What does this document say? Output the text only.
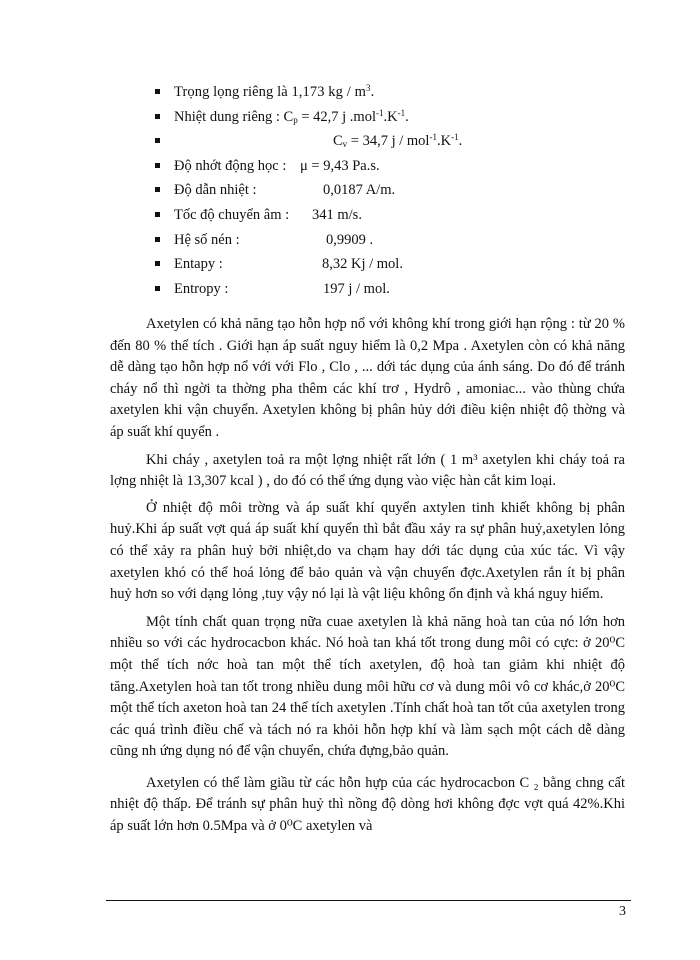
Trọng lọng riêng là 1,173 kg / $m^3$.
Nhiệt dung riêng : $C_p = 42,7$ j $.mol^{-1}.K^{-1}$.
$C_v = 34,7$ j / $mol^{-1}.K^{-1}$.
Độ nhớt động học : μ = 9,43 Pa.s.
Độ dẫn nhiệt :	0,0187 A/m.
Tốc độ chuyển âm : 341 m/s.
Hệ số nén :	0,9909 .
Entapy :	8,32 Kj / mol.
Entropy :	197 j / mol.

Axetylen có khả năng tạo hỗn hợp nổ với không khí trong giới hạn rộng : từ 20 % đến 80 % thể tích . Giới hạn áp suất nguy hiểm là 0,2 Mpa . Axetylen còn có khả năng dễ dàng tạo hỗn hợp nổ với với Flo , Clo , ... dới tác dụng của ánh sáng. Do đó để tránh cháy nổ thì ngời ta thờng pha thêm các khí trơ , Hydrô , amoniac... vào thùng chứa axetylen khi vận chuyển. Axetylen không bị phân hủy dới điều kiện nhiệt độ thờng và áp suất khí quyển .

Khi cháy , axetylen toả ra một lợng nhiệt rất lớn ( 1 m³ axetylen khi cháy toả ra lợng nhiệt là 13,307 kcal ) , do đó có thể ứng dụng vào việc hàn cắt kim loại.

Ở nhiệt độ môi trờng và áp suất khí quyển axtylen tinh khiết không bị phân huỷ.Khi áp suất vợt quá áp suất khí quyển thì bắt đầu xảy ra sự phân huỷ,axetylen lỏng có thể xảy ra phân huỷ bởi nhiệt,do va chạm hay dới tác dụng của xúc tác. Vì vậy axetylen khó có thể hoá lỏng để bảo quản và vận chuyển đợc.Axetylen rắn ít bị phân huỷ hơn so với dạng lỏng ,tuy vậy nó lại là vật liệu không ổn định và khá nguy hiểm.

Một tính chất quan trọng nữa cuae axetylen là khả năng hoà tan của nó lớn hơn nhiều so với các hydrocacbon khác. Nó hoà tan khá tốt trong dung môi có cực: ở 20⁰C một thể tích nớc hoà tan một thể tích axetylen, độ hoà tan giảm khi nhiệt độ tăng.Axetylen hoà tan tốt trong nhiều dung môi hữu cơ và dung môi vô cơ khác,ở 20⁰C một thể tích axeton hoà tan 24 thể tích axetylen .Tính chất hoà tan tốt của axetylen trong các quá trình điều chế và tách nó ra khỏi hỗn hợp khí và làm sạch một cách dễ dàng cũng nh ứng dụng nó để vận chuyển, chứa đựng,bảo quản.

Axetylen có thể làm giầu từ các hỗn hựp của các hydrocacbon C ₂ bằng chng cất nhiệt độ thấp. Để tránh sự phân huỷ thì nồng độ dòng hơi không đợc vợt quá 42%.Khi áp suất lớn hơn 0.5Mpa và ở 0⁰C axetylen và

3
